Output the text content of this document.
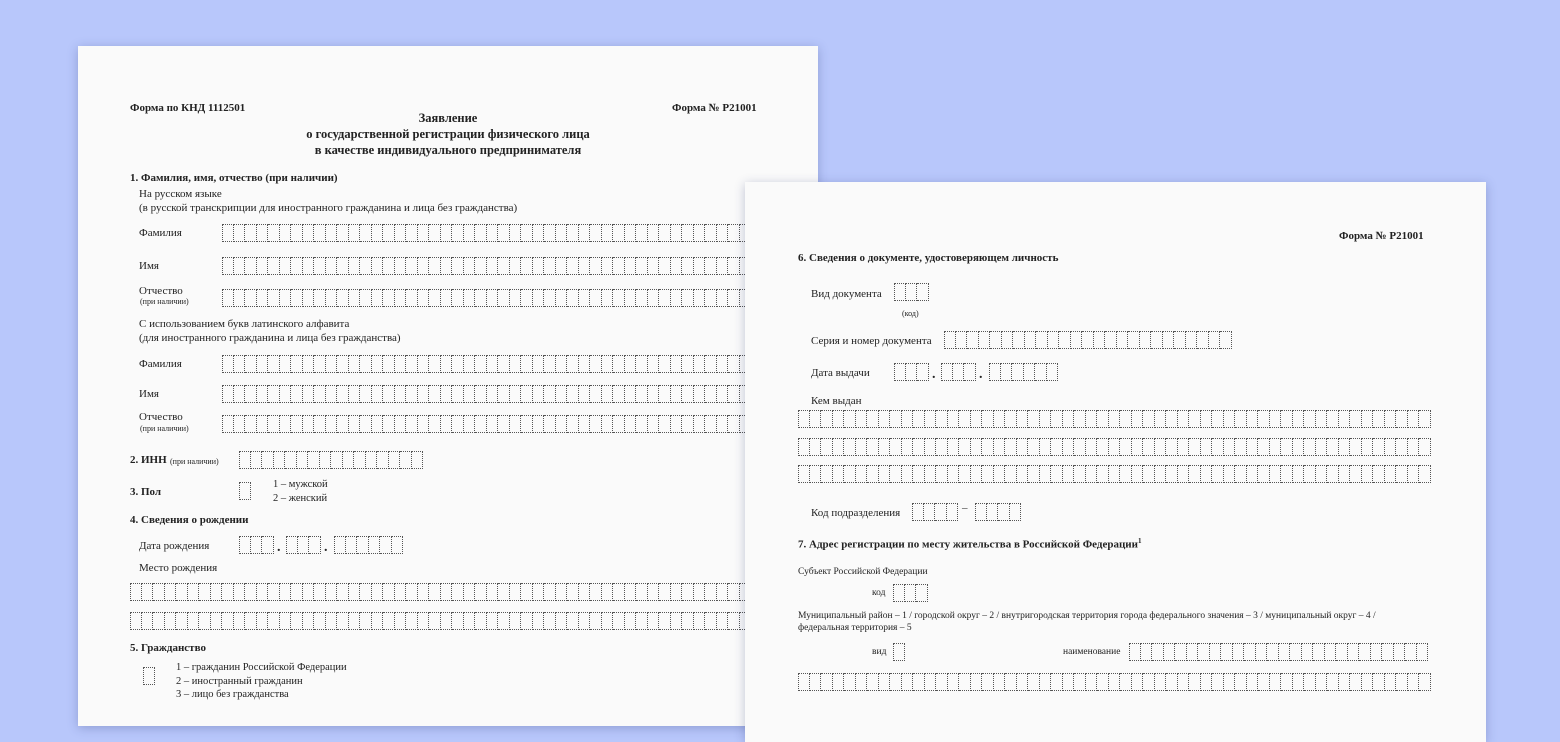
Форма по КНД 1112501	Форма № Р21001
Заявление
о государственной регистрации физического лица
в качестве индивидуального предпринимателя
1. Фамилия, имя, отчество (при наличии)
На русском языке
(в русской транскрипции для иностранного гражданина и лица без гражданства)
Фамилия
Имя
Отчество
(при наличии)
С использованием букв латинского алфавита
(для иностранного гражданина и лица без гражданства)
Фамилия
Имя
Отчество
(при наличии)
2. ИНН (при наличии)
3. Пол
1 – мужской
2 – женский
4. Сведения о рождении
Дата рождения	.	.
Место рождения
5. Гражданство
1 – гражданин Российской Федерации
2 – иностранный гражданин
3 – лицо без гражданства
Форма № Р21001
6. Сведения о документе, удостоверяющем личность
Вид документа
(код)
Серия и номер документа
Дата выдачи	.	.
Кем выдан
Код подразделения	–
7. Адрес регистрации по месту жительства в Российской Федерации$^1$
Субъект Российской Федерации
код
Муниципальный район – 1 / городской округ – 2 / внутригородская территория города федерального значения – 3 / муниципальный округ – 4 /
федеральная территория – 5
вид	наименование
